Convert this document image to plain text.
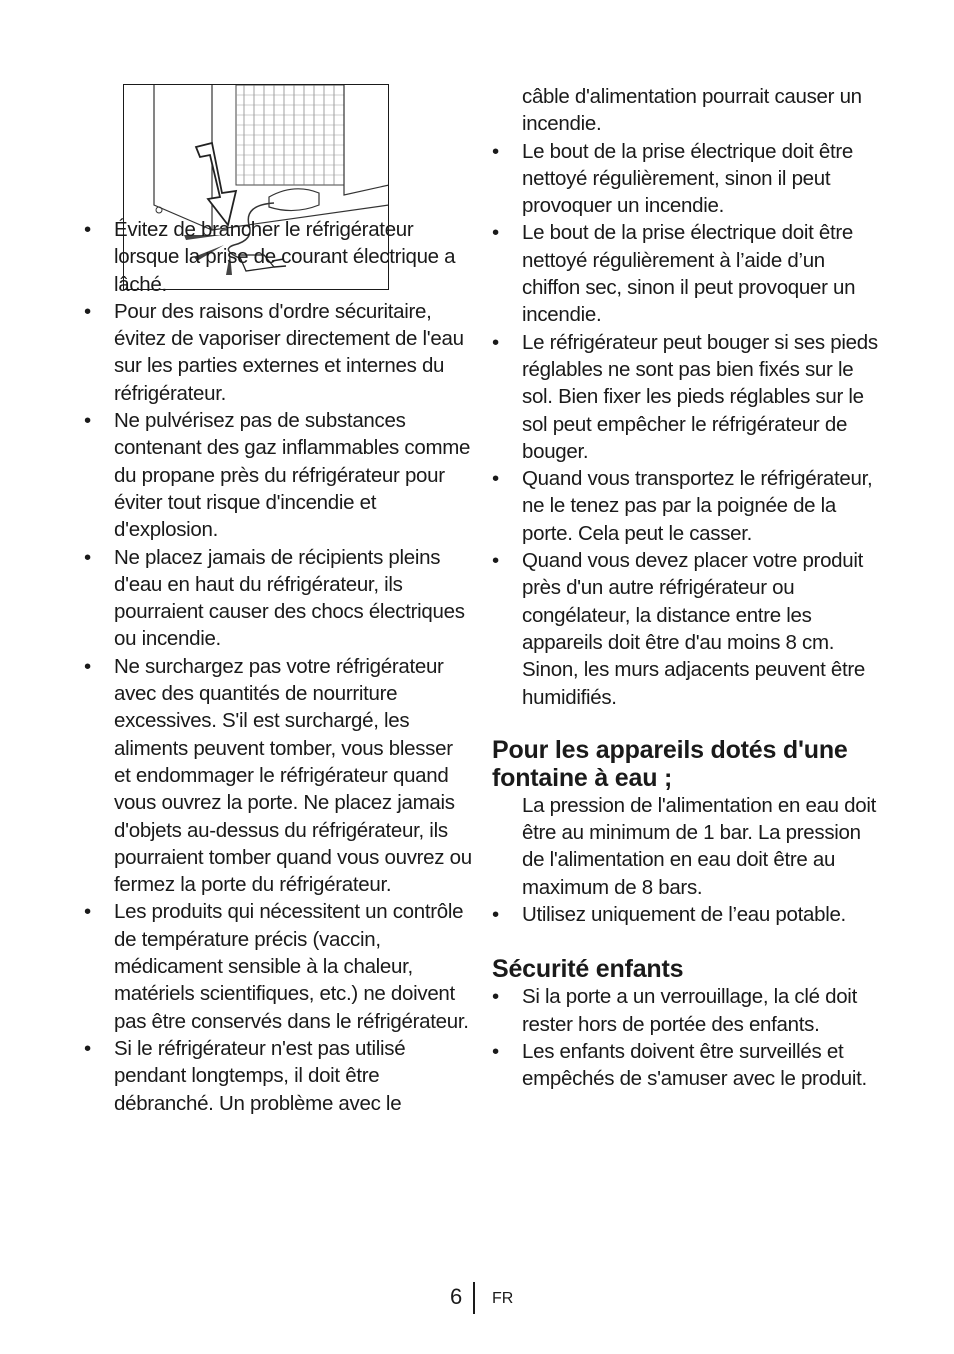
• Évitez de brancher le réfrigérateur lorsque la prise de courant électrique a lâché.
• Pour des raisons d'ordre sécuritaire, évitez de vaporiser directement de l'eau sur les parties externes et internes du réfrigérateur.
• Ne pulvérisez pas de substances contenant des gaz inflammables comme du propane près du réfrigérateur pour éviter tout risque d'incendie et d'explosion.
• Ne placez jamais de récipients pleins d'eau en haut du réfrigérateur, ils pourraient causer des chocs électriques ou incendie.
• Ne surchargez pas votre réfrigérateur avec des quantités de nourriture excessives. S'il est surchargé, les aliments peuvent tomber, vous blesser et endommager le réfrigérateur quand vous ouvrez la porte. Ne placez jamais d'objets au-dessus du réfrigérateur, ils pourraient tomber quand vous ouvrez ou fermez la porte du réfrigérateur.
• Les produits qui nécessitent un contrôle de température précis (vaccin, médicament sensible à la chaleur, matériels scientifiques, etc.) ne doivent pas être conservés dans le réfrigérateur.
• Si le réfrigérateur n'est pas utilisé pendant longtemps, il doit être débranché. Un problème avec le
câble d'alimentation pourrait causer un incendie.
• Le bout de la prise électrique doit être nettoyé régulièrement, sinon il peut provoquer un incendie.
• Le bout de la prise électrique doit être nettoyé régulièrement à l’aide d’un chiffon sec, sinon il peut provoquer un incendie.
• Le réfrigérateur peut bouger si ses pieds réglables ne sont pas bien fixés sur le sol. Bien fixer les pieds réglables sur le sol peut empêcher le réfrigérateur de bouger.
• Quand vous transportez le réfrigérateur, ne le tenez pas par la poignée de la porte. Cela peut le casser.
• Quand vous devez placer votre produit près d'un autre réfrigérateur ou congélateur, la distance entre les appareils doit être d'au moins 8 cm. Sinon, les murs adjacents peuvent être humidifiés.
Pour les appareils dotés d'une fontaine à eau ;
La pression de l'alimentation en eau doit être au minimum de 1 bar. La pression de l'alimentation en eau doit être au maximum de 8 bars.
• Utilisez uniquement de l’eau potable.
Sécurité enfants
• Si la porte a un verrouillage, la clé doit rester hors de portée des enfants.
• Les enfants doivent être surveillés et empêchés de s'amuser avec le produit.
6 FR
